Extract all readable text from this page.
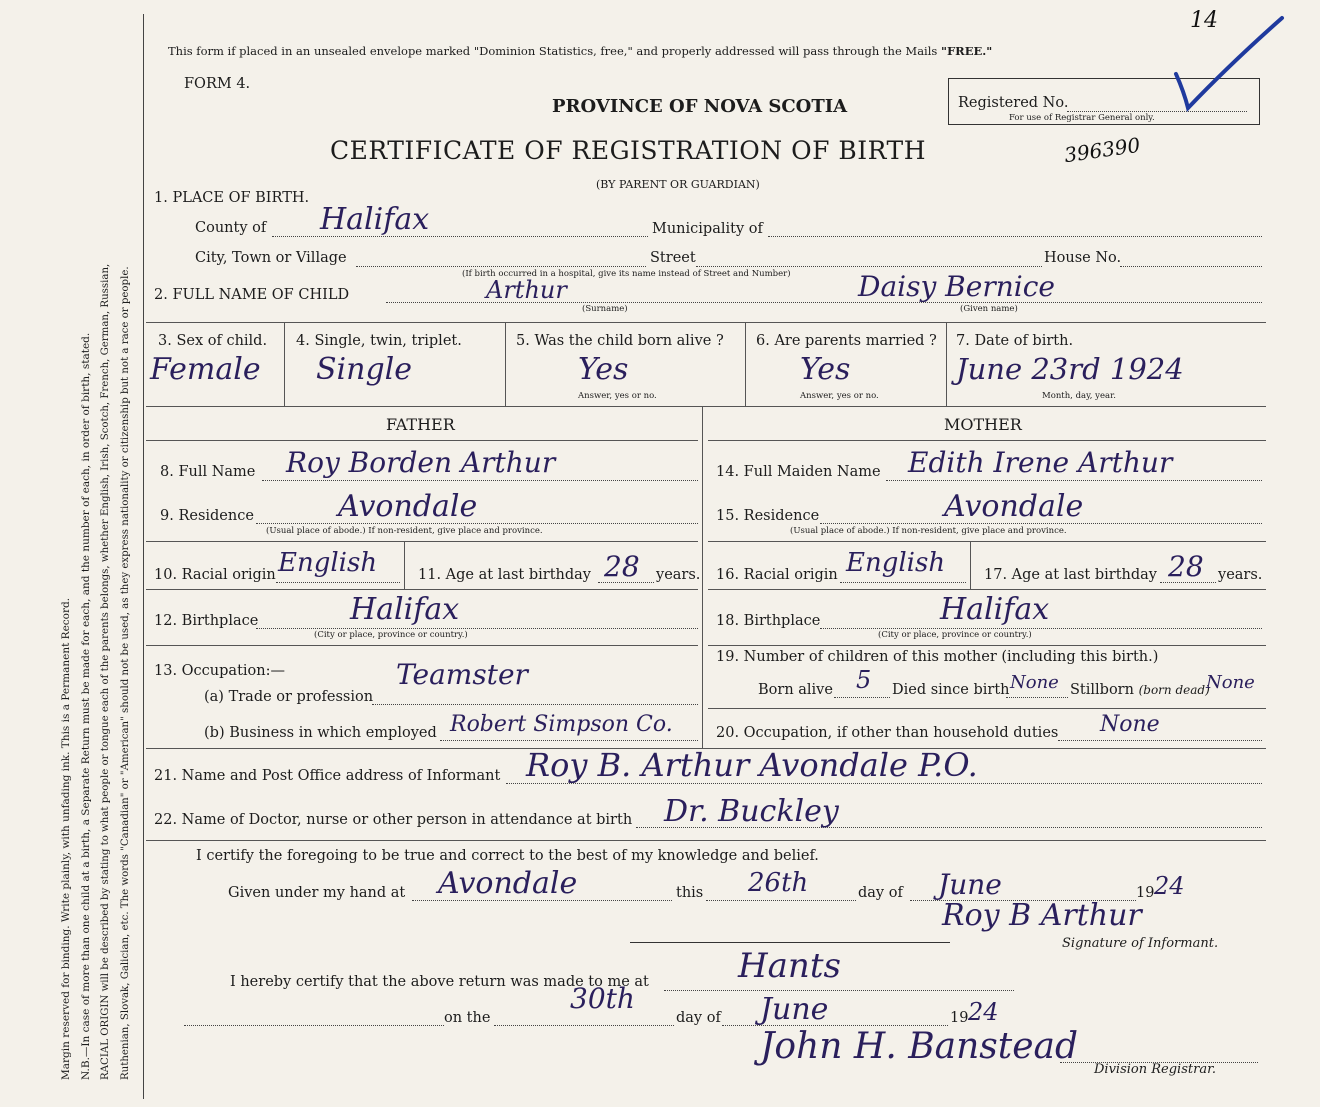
Margin reserved for binding. Write plainly, with unfading ink. This is a Permanent Record. N.B.—In case of more than one child at a birth, a Separate Return must be made for each, and the number of each, in order of birth, stated. RACIAL ORIGIN will be described by stating to what people or tongue each of the parents belongs, whether English, Irish, Scotch, French, German, Russian, Ruthenian, Slovak, Galician, etc. The words "Canadian" or "American" should not be used, as they express nationality or citizenship but not a race or people.
This form if placed in an unsealed envelope marked "Dominion Statistics, free," and properly addressed will pass through the Mails "FREE."
FORM 4.
PROVINCE OF NOVA SCOTIA
CERTIFICATE OF REGISTRATION OF BIRTH
(BY PARENT OR GUARDIAN)
396390
14
Registered No.
For use of Registrar General only.
1. PLACE OF BIRTH.
County of Halifax	Municipality of
City, Town or Village	Street	House No.
(If birth occurred in a hospital, give its name instead of Street and Number)
2. FULL NAME OF CHILD	Arthur
(Surname)
Daisy Bernice
(Given name)
3. Sex of child.
Female
4. Single, twin, triplet.
Single
5. Was the child born alive ?
Yes
Answer, yes or no.
6. Are parents married ?
Yes
Answer, yes or no.
7. Date of birth.
June 23rd 1924
Month, day, year.
FATHER	MOTHER
8. Full Name Roy Borden Arthur
9. Residence	Avondale
(Usual place of abode.) If non-resident, give place and province.
10. Racial origin English	11. Age at last birthday 28 years.
12. Birthplace	Halifax
(City or place, province or country.)
13. Occupation:—
(a) Trade or profession
Teamster
(b) Business in which employed Robert Simpson Co.
14. Full Maiden Name Edith Irene Arthur
15. Residence	Avondale
(Usual place of abode.) If non-resident, give place and province.
16. Racial origin English	17. Age at last birthday 28 years.
18. Birthplace	Halifax
(City or place, province or country.)
19. Number of children of this mother (including this birth.)
Born alive 5 Died since birth None Stillborn (born dead)
None
20. Occupation, if other than household duties None
21. Name and Post Office address of Informant Roy B. Arthur Avondale P.O.
22. Name of Doctor, nurse or other person in attendance at birth Dr. Buckley
I certify the foregoing to be true and correct to the best of my knowledge and belief.
Given under my hand at Avondale	this 26th	day of June	19 24
Roy B Arthur
Signature of Informant.
I hereby certify that the above return was made to me at	Hants
on the
30th
day of June	19 24
John H. Banstead
Division Registrar.
